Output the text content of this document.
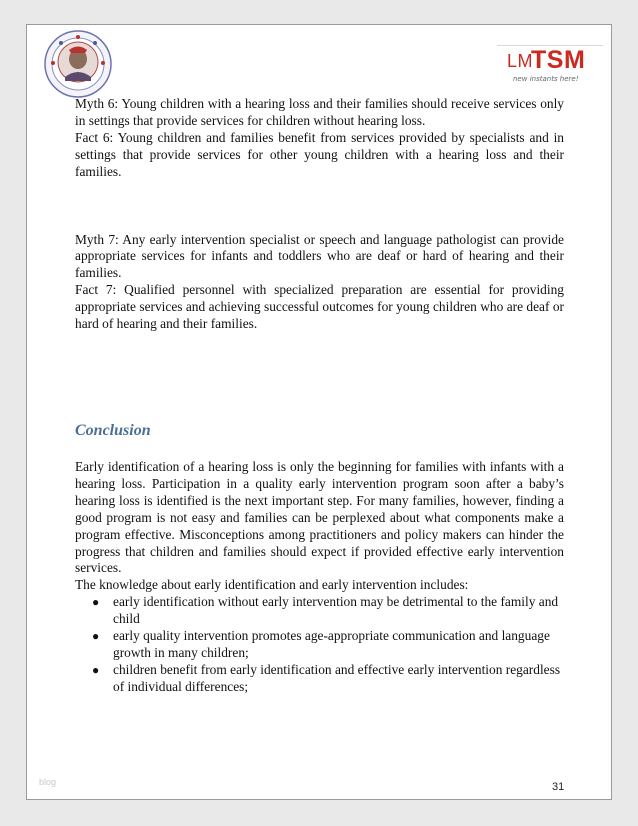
LM
TSM
new instants here!

Myth 6: Young children with a hearing loss and their families should receive services only in settings that provide services for children without hearing loss.

Fact 6: Young children and families benefit from services provided by specialists and in settings that provide services for other young children with a hearing loss and their families.

Myth 7: Any early intervention specialist or speech and language pathologist can provide appropriate services for infants and toddlers who are deaf or hard of hearing and their families.

Fact 7: Qualified personnel with specialized preparation are essential for providing appropriate services and achieving successful outcomes for young children who are deaf or hard of hearing and their families.

Conclusion

Early identification of a hearing loss is only the beginning for families with infants with a hearing loss. Participation in a quality early intervention program soon after a baby’s hearing loss is identified is the next important step. For many families, however, finding a good program is not easy and families can be perplexed about what components make a program effective. Misconceptions among practitioners and policy makers can hinder the progress that children and families should expect if provided effective early intervention services.

The knowledge about early identification and early intervention includes:

● early identification without early intervention may be detrimental to the family and child
● early quality intervention promotes age-appropriate communication and language growth in many children;
● children benefit from early identification and effective early intervention regardless of individual differences;
blog	31
